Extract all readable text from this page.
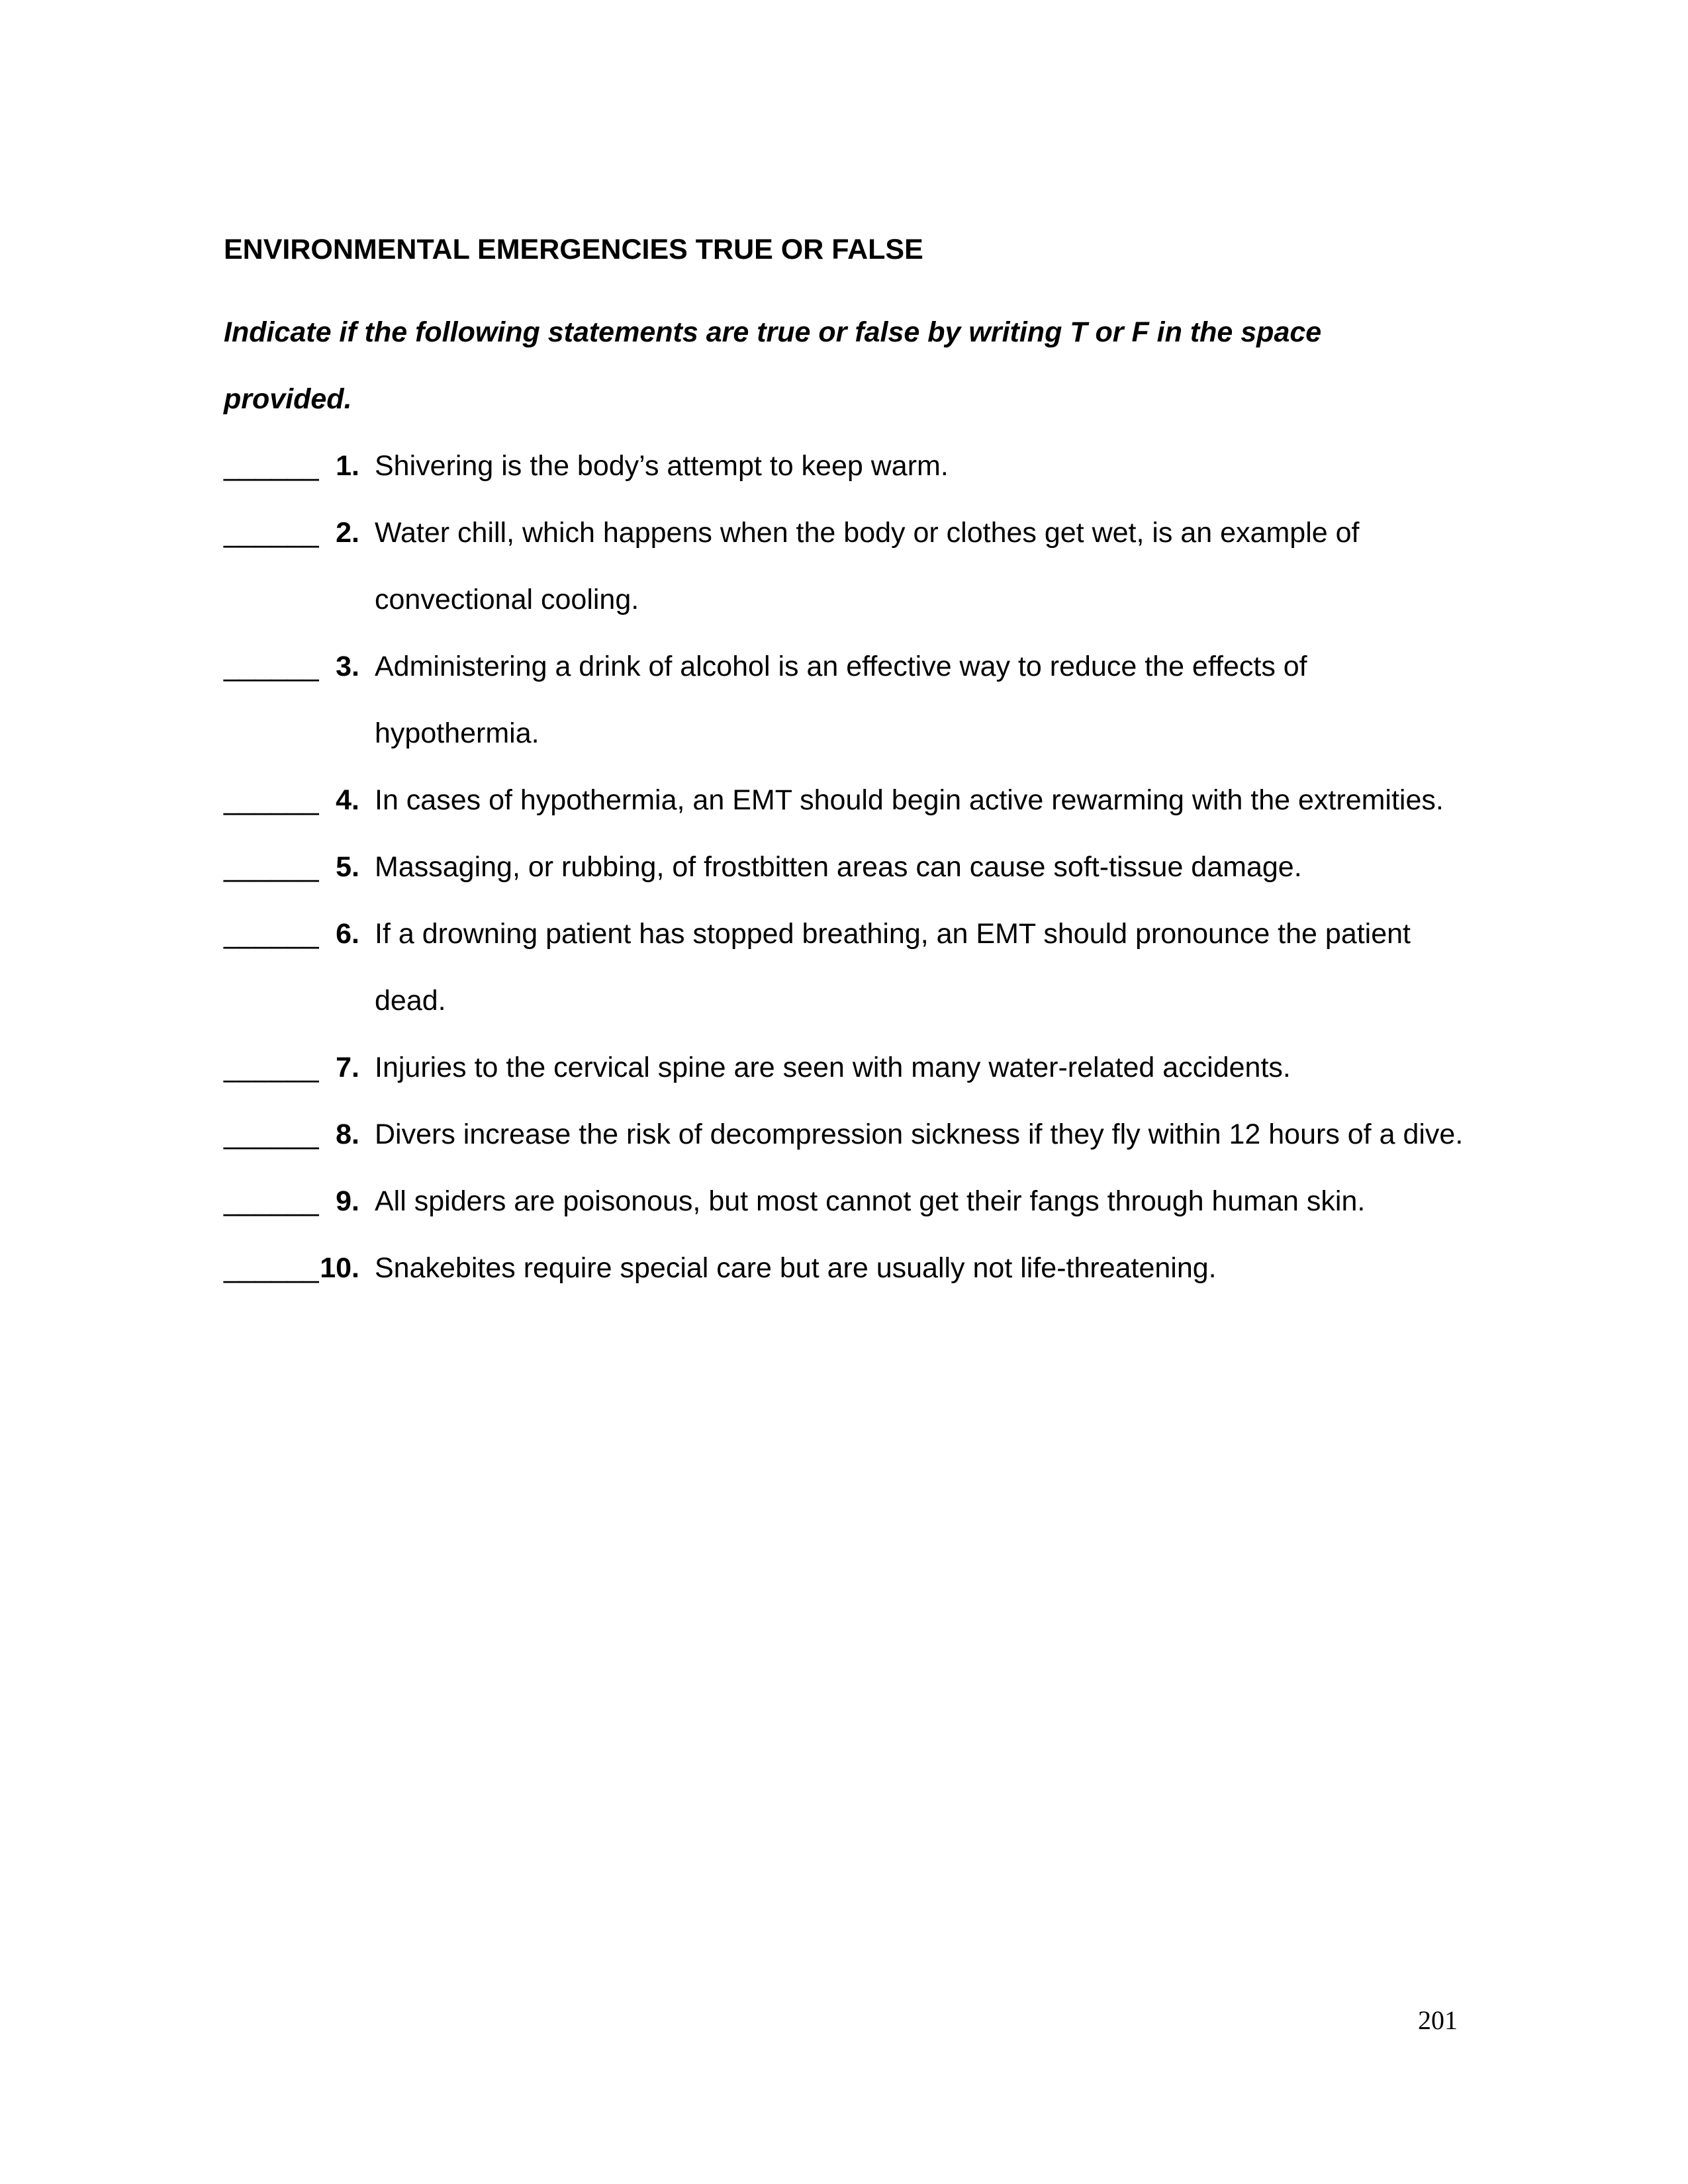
ENVIRONMENTAL EMERGENCIES TRUE OR FALSE
Indicate if the following statements are true or false by writing T or F in the space provided.
______ 1. Shivering is the body’s attempt to keep warm.
______ 2. Water chill, which happens when the body or clothes get wet, is an example of convectional cooling.
______ 3. Administering a drink of alcohol is an effective way to reduce the effects of hypothermia.
______ 4. In cases of hypothermia, an EMT should begin active rewarming with the extremities.
______ 5. Massaging, or rubbing, of frostbitten areas can cause soft-tissue damage.
______ 6. If a drowning patient has stopped breathing, an EMT should pronounce the patient dead.
______ 7. Injuries to the cervical spine are seen with many water-related accidents.
______ 8. Divers increase the risk of decompression sickness if they fly within 12 hours of a dive.
______ 9. All spiders are poisonous, but most cannot get their fangs through human skin.
______ 10. Snakebites require special care but are usually not life-threatening.
201
